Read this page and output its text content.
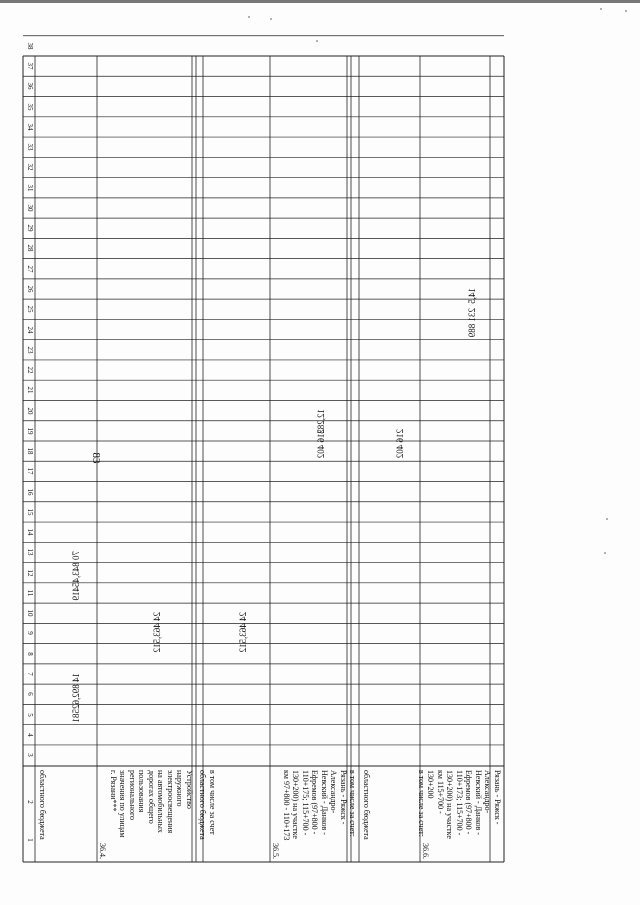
83
1
2
3
4
5
6
7
8
9
10
11
12
13
14
15
16
17
18
19
20
21
22
23
24
25
26
27
28
29
30
31
32
33
34
35
36
37
38
областного бюджета
14 892,62581
70 843,45419
36.4.
Устройство
наружного
электроосвещения
на автомобильных
дорогах общего
пользования
регионального
значения по улицам
г. Рязани***
24 463,512
в том числе за счет
областного бюджета
24 463,512
36.5.
Рязань - Ряжск -
Александро-
Невский - Данков -
Ефремов (97+800 -
110+175; 115+700 -
130+200) на участке
км 97+800 - 110+173
216 402
12,285
в том числе за счет: областного бюджета
216 402
36.6.
Рязань - Ряжск -
Александро-
Невский - Данков -
Ефремов (97+800 -
110+173; 115+700 -
130+200) на участке
км 115+700 -
130+200
в том числе за счет:
231 889
14,5
